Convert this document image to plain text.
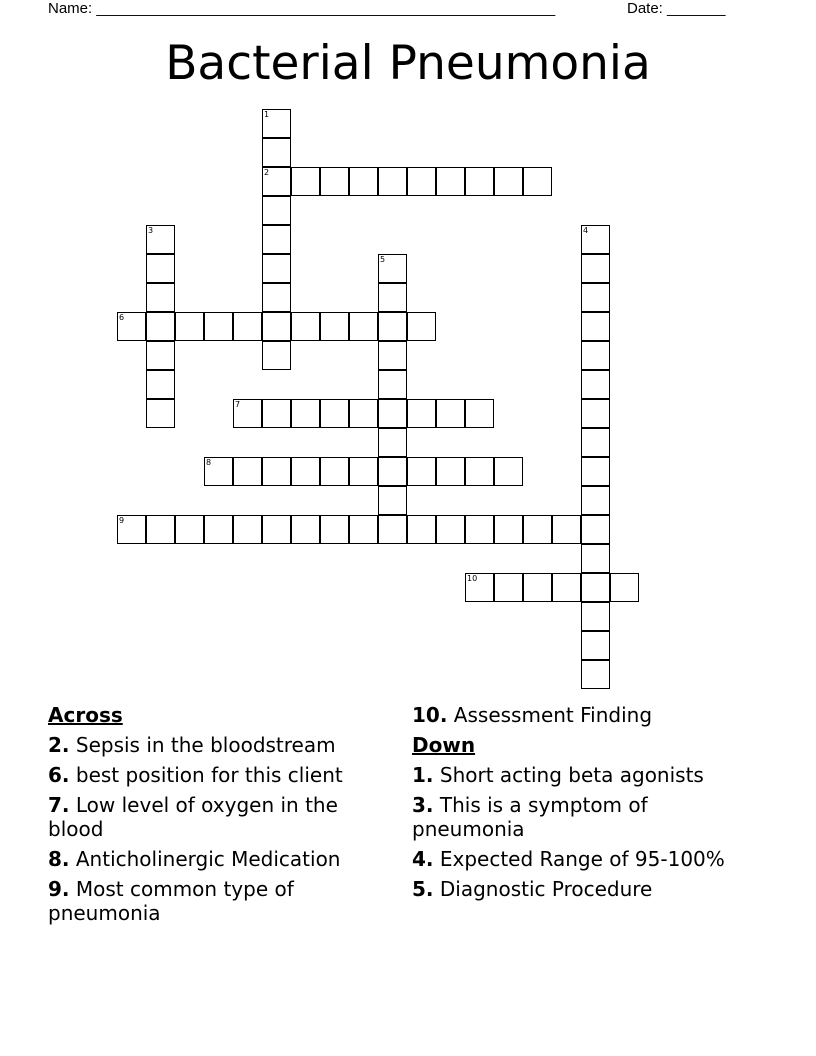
Name: _______________________________________________________	Date: _______
Bacterial Pneumonia
1
2
3	4
5
6
7
8
9
10
Across
2. Sepsis in the bloodstream
6. best position for this client
7. Low level of oxygen in the blood
8. Anticholinergic Medication
9. Most common type of pneumonia
10. Assessment Finding
Down
1. Short acting beta agonists
3. This is a symptom of pneumonia
4. Expected Range of 95-100%
5. Diagnostic Procedure
